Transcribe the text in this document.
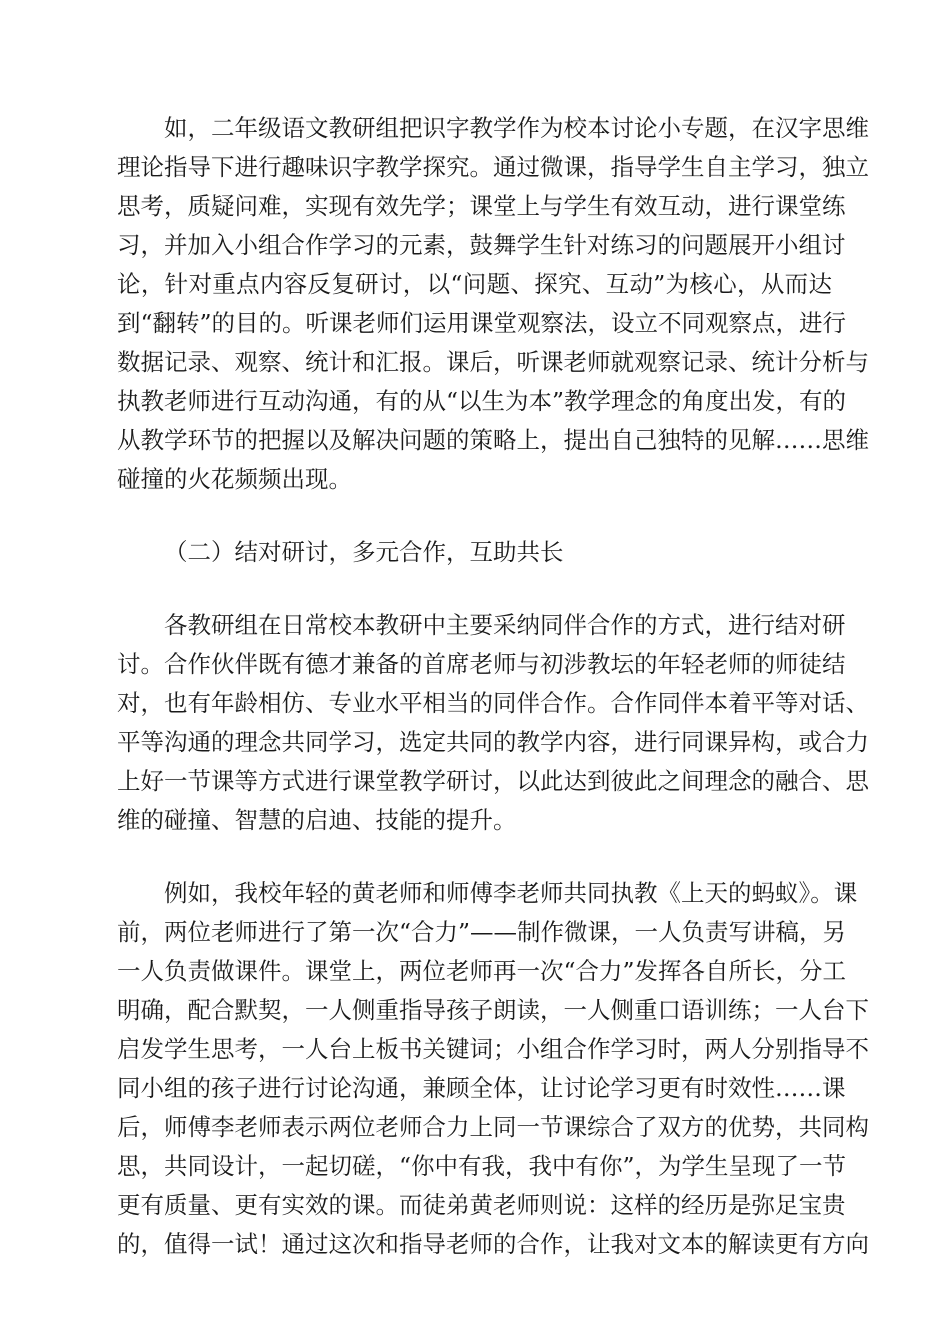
　　如，二年级语文教研组把识字教学作为校本讨论小专题，在汉字思维
理论指导下进行趣味识字教学探究。通过微课，指导学生自主学习，独立
思考，质疑问难，实现有效先学；课堂上与学生有效互动，进行课堂练
习，并加入小组合作学习的元素，鼓舞学生针对练习的问题展开小组讨
论，针对重点内容反复研讨，以“问题、探究、互动”为核心，从而达
到“翻转”的目的。听课老师们运用课堂观察法，设立不同观察点，进行
数据记录、观察、统计和汇报。课后，听课老师就观察记录、统计分析与
执教老师进行互动沟通，有的从“以生为本”教学理念的角度出发，有的
从教学环节的把握以及解决问题的策略上，提出自己独特的见解……思维
碰撞的火花频频出现。
（二）结对研讨，多元合作，互助共长
　　各教研组在日常校本教研中主要采纳同伴合作的方式，进行结对研
讨。合作伙伴既有德才兼备的首席老师与初涉教坛的年轻老师的师徒结
对，也有年龄相仿、专业水平相当的同伴合作。合作同伴本着平等对话、
平等沟通的理念共同学习，选定共同的教学内容，进行同课异构，或合力
上好一节课等方式进行课堂教学研讨，以此达到彼此之间理念的融合、思
维的碰撞、智慧的启迪、技能的提升。
　　例如，我校年轻的黄老师和师傅李老师共同执教《上天的蚂蚁》。课
前，两位老师进行了第一次“合力”——制作微课，一人负责写讲稿，另
一人负责做课件。课堂上，两位老师再一次“合力”发挥各自所长，分工
明确，配合默契，一人侧重指导孩子朗读，一人侧重口语训练；一人台下
启发学生思考，一人台上板书关键词；小组合作学习时，两人分别指导不
同小组的孩子进行讨论沟通，兼顾全体，让讨论学习更有时效性……课
后，师傅李老师表示两位老师合力上同一节课综合了双方的优势，共同构
思，共同设计，一起切磋，“你中有我，我中有你”，为学生呈现了一节
更有质量、更有实效的课。而徒弟黄老师则说：这样的经历是弥足宝贵
的，值得一试！通过这次和指导老师的合作，让我对文本的解读更有方向
